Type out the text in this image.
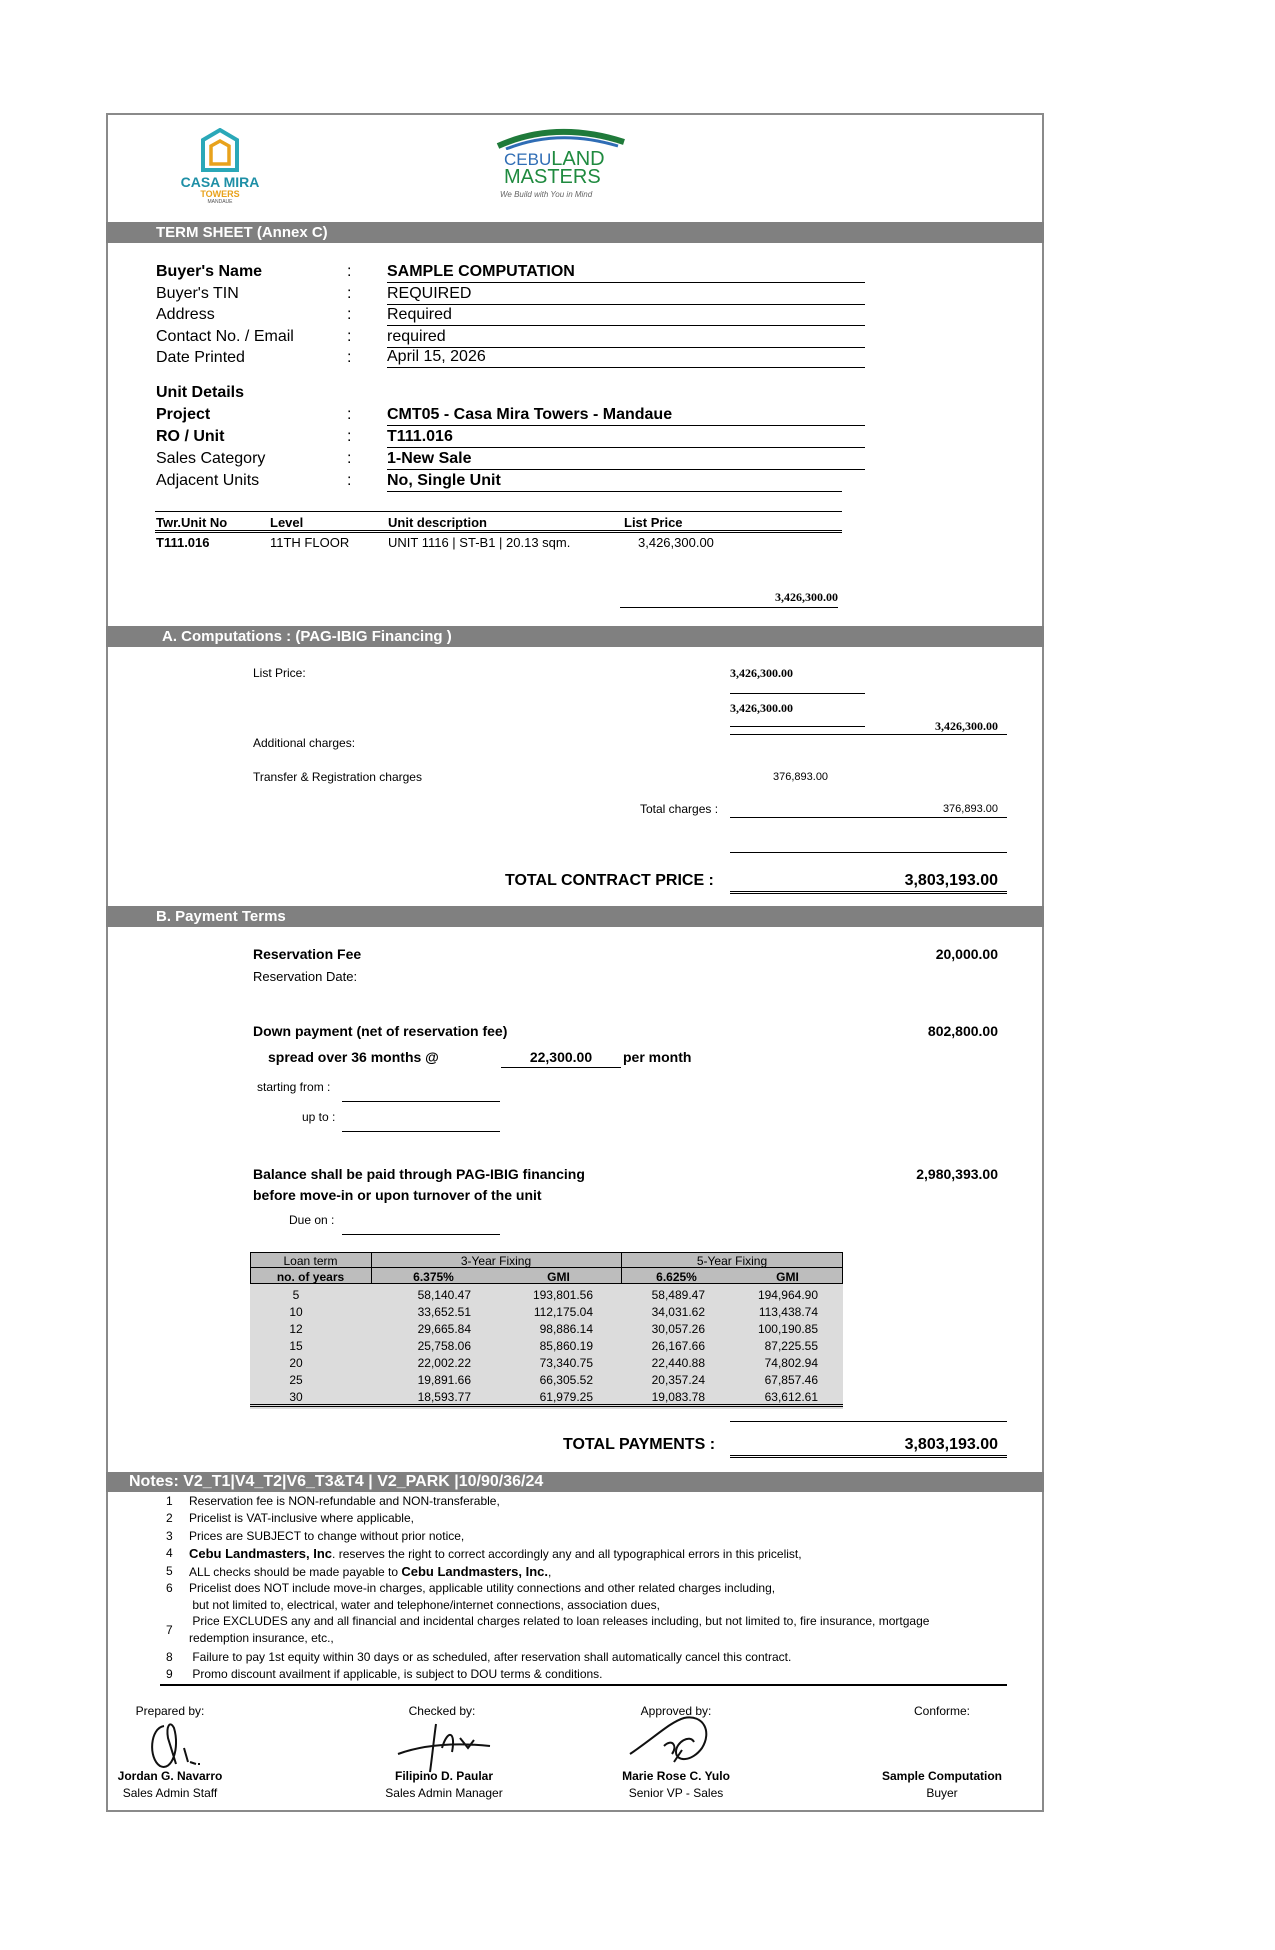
CASA MIRA
TOWERS
MANDAUE
CEBULAND
MASTERS
We Build with You in Mind
TERM SHEET (Annex C)
Buyer's Name	: SAMPLE COMPUTATION
Buyer's TIN	: REQUIRED
Address	: Required
Contact No. / Email	: required
Date Printed	: April 15, 2026
Unit Details
Project	: CMT05 - Casa Mira Towers - Mandaue
RO / Unit	: T111.016
Sales Category	: 1-New Sale
Adjacent Units	: No, Single Unit
Twr.Unit No	Level	Unit description	List Price
T111.016	11TH FLOOR	UNIT 1116 | ST-B1 | 20.13 sqm.	3,426,300.00
3,426,300.00
A. Computations : (PAG-IBIG Financing )
List Price:	3,426,300.00
3,426,300.00
3,426,300.00
Additional charges:
Transfer & Registration charges	376,893.00
Total charges :	376,893.00
TOTAL CONTRACT PRICE :	3,803,193.00
B. Payment Terms
Reservation Fee	20,000.00
Reservation Date:
Down payment (net of reservation fee)	802,800.00
spread over 36 months @	22,300.00	per month
starting from :
up to :
Balance shall be paid through PAG-IBIG financing
before move-in or upon turnover of the unit
2,980,393.00
Due on :
Loan term	3-Year Fixing	5-Year Fixing
no. of years	6.375%	GMI	6.625%	GMI
5	58,140.47	193,801.56	58,489.47	194,964.90
10	33,652.51	112,175.04	34,031.62	113,438.74
12	29,665.84	98,886.14	30,057.26	100,190.85
15	25,758.06	85,860.19	26,167.66	87,225.55
20	22,002.22	73,340.75	22,440.88	74,802.94
25	19,891.66	66,305.52	20,357.24	67,857.46
30	18,593.77	61,979.25	19,083.78	63,612.61
TOTAL PAYMENTS :	3,803,193.00
Notes: V2_T1|V4_T2|V6_T3&T4 | V2_PARK |10/90/36/24
1 Reservation fee is NON-refundable and NON-transferable,
2 Pricelist is VAT-inclusive where applicable,
3 Prices are SUBJECT to change without prior notice,
4 Cebu Landmasters, Inc. reserves the right to correct accordingly any and all typographical errors in this pricelist,
5 ALL checks should be made payable to Cebu Landmasters, Inc.,
6 Pricelist does NOT include move-in charges, applicable utility connections and other related charges including,
but not limited to, electrical, water and telephone/internet connections, association dues,
7
Price EXCLUDES any and all financial and incidental charges related to loan releases including, but not limited to, fire insurance, mortgage
redemption insurance, etc.,
8 Failure to pay 1st equity within 30 days or as scheduled, after reservation shall automatically cancel this contract.
9 Promo discount availment if applicable, is subject to DOU terms & conditions.
Prepared by:	Checked by:	Approved by:	Conforme:
Jordan G. Navarro
Sales Admin Staff
Filipino D. Paular
Sales Admin Manager
Marie Rose C. Yulo
Senior VP - Sales
Sample Computation
Buyer
